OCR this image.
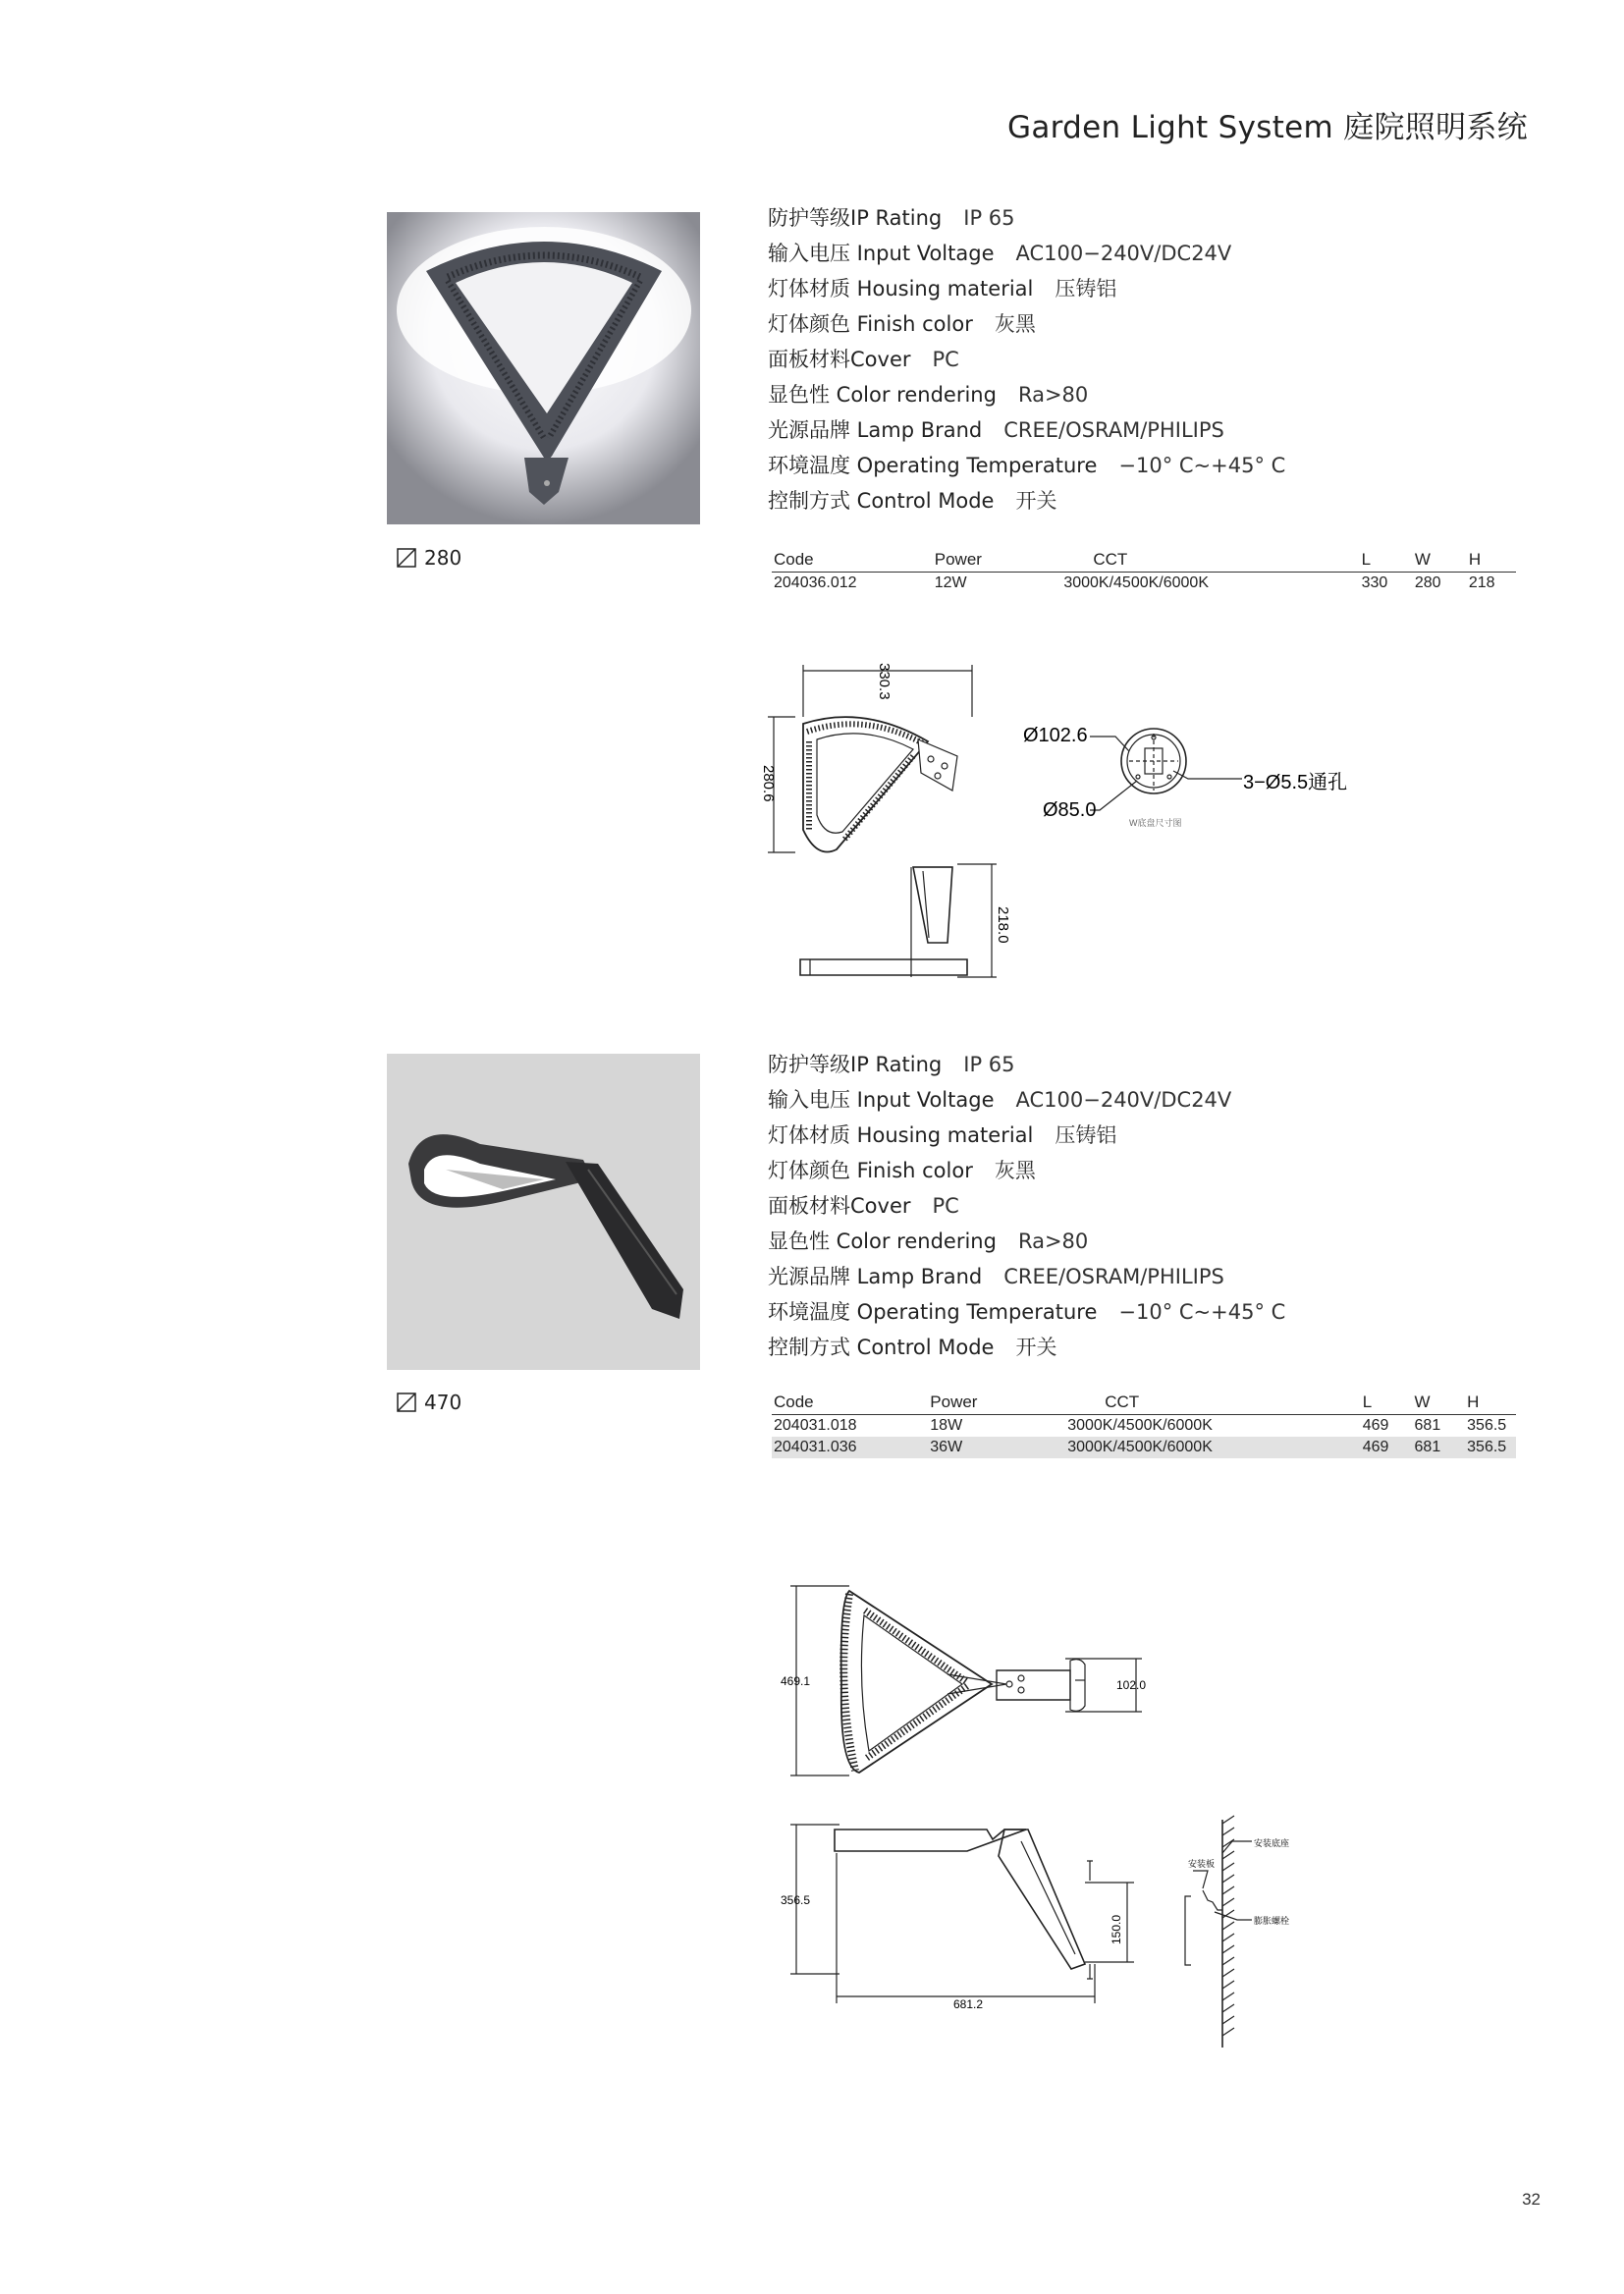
Garden Light System 庭院照明系统
280
防护等级IP Rating IP 65
输入电压 Input Voltage AC100−240V/DC24V
灯体材质 Housing material 压铸铝
灯体颜色 Finish color 灰黑
面板材料Cover PC
显色性 Color rendering Ra>80
光源品牌 Lamp Brand CREE/OSRAM/PHILIPS
环境温度 Operating Temperature −10° C~+45° C
控制方式 Control Mode 开关
Code	Power	CCT	L	W	H
204036.012	12W	3000K/4500K/6000K	330	280	218
330.3
280.6
218.0
Ø102.6
Ø85.0
3−Ø5.5通孔
W底盘尺寸图
470
防护等级IP Rating IP 65
输入电压 Input Voltage AC100−240V/DC24V
灯体材质 Housing material 压铸铝
灯体颜色 Finish color 灰黑
面板材料Cover PC
显色性 Color rendering Ra>80
光源品牌 Lamp Brand CREE/OSRAM/PHILIPS
环境温度 Operating Temperature −10° C~+45° C
控制方式 Control Mode 开关
Code	Power	CCT	L	W	H
204031.018	18W	3000K/4500K/6000K	469	681	356.5
204031.036	36W	3000K/4500K/6000K	469	681	356.5
469.1	102.0
356.5
150.0
681.2
安装底座
安装板
膨胀螺栓
32
